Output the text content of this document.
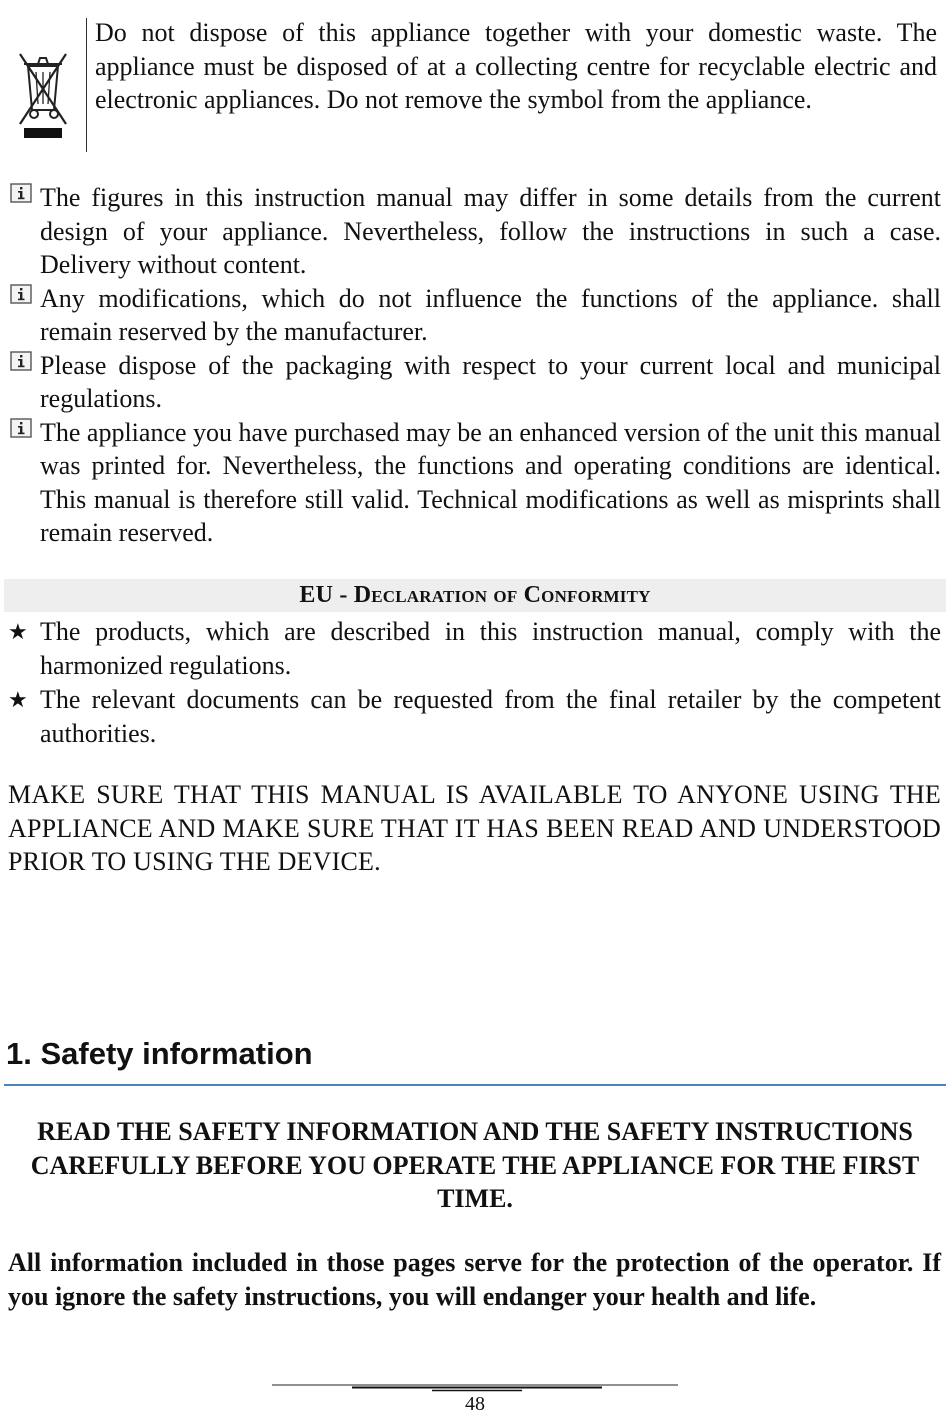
Do not dispose of this appliance together with your domestic waste. The appliance must be disposed of at a collecting centre for recyclable electric and electronic appliances. Do not remove the symbol from the appliance.
The figures in this instruction manual may differ in some details from the current design of your appliance. Nevertheless, follow the instructions in such a case. Delivery without content.
Any modifications, which do not influence the functions of the appliance. shall remain reserved by the manufacturer.
Please dispose of the packaging with respect to your current local and municipal regulations.
The appliance you have purchased may be an enhanced version of the unit this manual was printed for. Nevertheless, the functions and operating conditions are identical. This manual is therefore still valid. Technical modifications as well as misprints shall remain reserved.
EU - Declaration of Conformity
★ The products, which are described in this instruction manual, comply with the harmonized regulations.
★ The relevant documents can be requested from the final retailer by the competent authorities.
MAKE SURE THAT THIS MANUAL IS AVAILABLE TO ANYONE USING THE APPLIANCE AND MAKE SURE THAT IT HAS BEEN READ AND UNDERSTOOD PRIOR TO USING THE DEVICE.
1. Safety information
READ THE SAFETY INFORMATION AND THE SAFETY INSTRUCTIONS CAREFULLY BEFORE YOU OPERATE THE APPLIANCE FOR THE FIRST TIME.
All information included in those pages serve for the protection of the operator. If you ignore the safety instructions, you will endanger your health and life.
48
